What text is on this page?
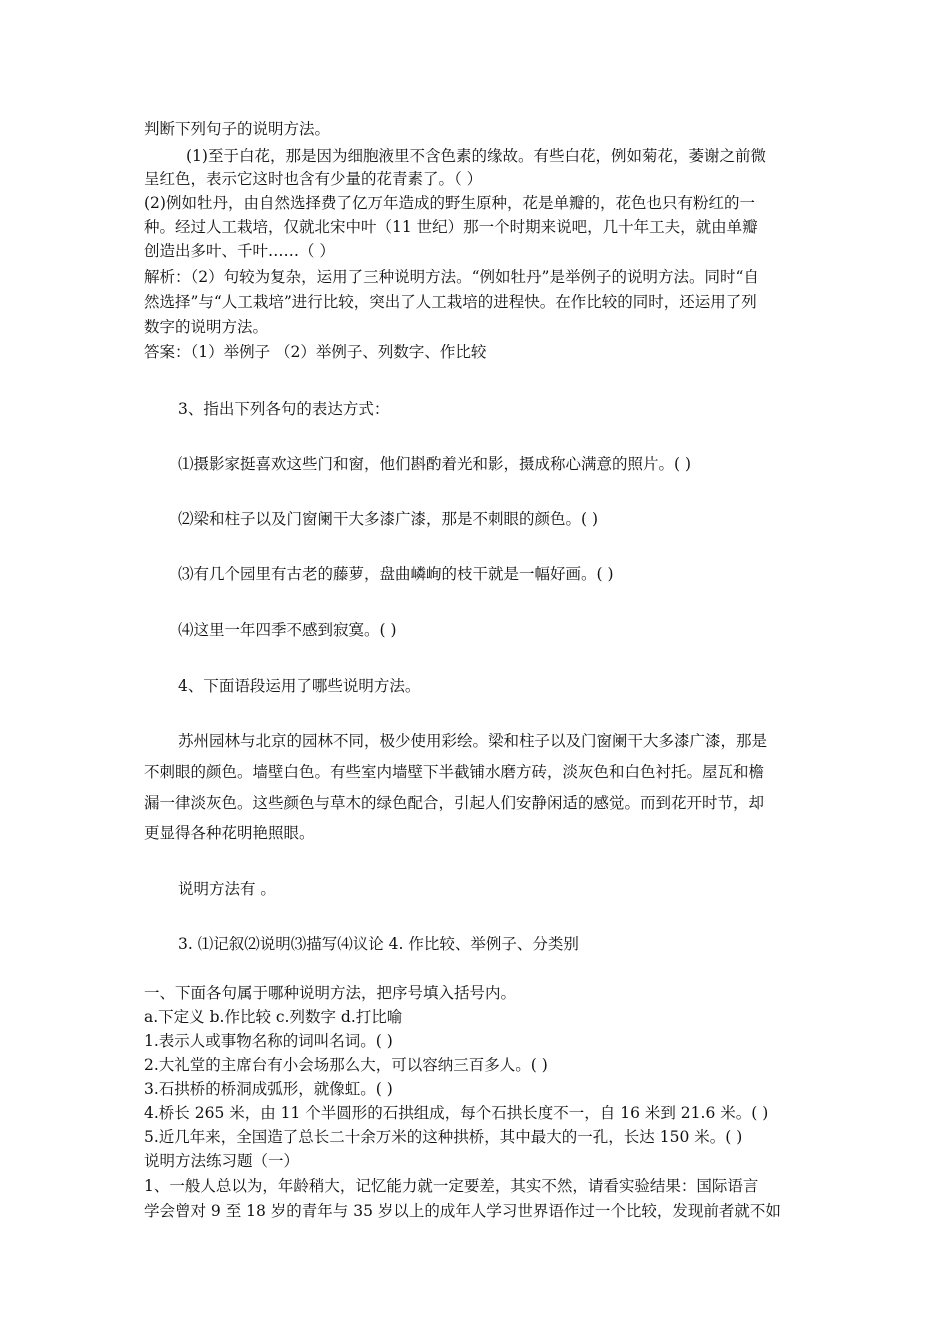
判断下列句子的说明方法。
(1)至于白花，那是因为细胞液里不含色素的缘故。有些白花，例如菊花，萎谢之前微
呈红色，表示它这时也含有少量的花青素了。（ ）
(2)例如牡丹，由自然选择费了亿万年造成的野生原种，花是单瓣的，花色也只有粉红的一
种。经过人工栽培，仅就北宋中叶（11 世纪）那一个时期来说吧，几十年工夫，就由单瓣
创造出多叶、千叶……（ ）
解析：（2）句较为复杂，运用了三种说明方法。“例如牡丹”是举例子的说明方法。同时“自
然选择”与“人工栽培”进行比较，突出了人工栽培的进程快。在作比较的同时，还运用了列
数字的说明方法。
答案：（1）举例子 （2）举例子、列数字、作比较
3、指出下列各句的表达方式：
⑴摄影家挺喜欢这些门和窗，他们斟酌着光和影，摄成称心满意的照片。( )
⑵梁和柱子以及门窗阑干大多漆广漆，那是不刺眼的颜色。( )
⑶有几个园里有古老的藤萝，盘曲嶙峋的枝干就是一幅好画。( )
⑷这里一年四季不感到寂寞。( )
4、下面语段运用了哪些说明方法。
苏州园林与北京的园林不同，极少使用彩绘。梁和柱子以及门窗阑干大多漆广漆，那是
不刺眼的颜色。墙壁白色。有些室内墙壁下半截铺水磨方砖，淡灰色和白色衬托。屋瓦和檐
漏一律淡灰色。这些颜色与草木的绿色配合，引起人们安静闲适的感觉。而到花开时节，却
更显得各种花明艳照眼。
说明方法有 。
3. ⑴记叙⑵说明⑶描写⑷议论 4. 作比较、举例子、分类别
一、下面各句属于哪种说明方法，把序号填入括号内。
a.下定义 b.作比较 c.列数字 d.打比喻
1.表示人或事物名称的词叫名词。( )
2.大礼堂的主席台有小会场那么大，可以容纳三百多人。( )
3.石拱桥的桥洞成弧形，就像虹。( )
4.桥长 265 米，由 11 个半圆形的石拱组成，每个石拱长度不一，自 16 米到 21.6 米。( )
5.近几年来，全国造了总长二十余万米的这种拱桥，其中最大的一孔，长达 150 米。( )
说明方法练习题（一）
1、一般人总以为，年龄稍大，记忆能力就一定要差，其实不然，请看实验结果：国际语言
学会曾对 9 至 18 岁的青年与 35 岁以上的成年人学习世界语作过一个比较，发现前者就不如
